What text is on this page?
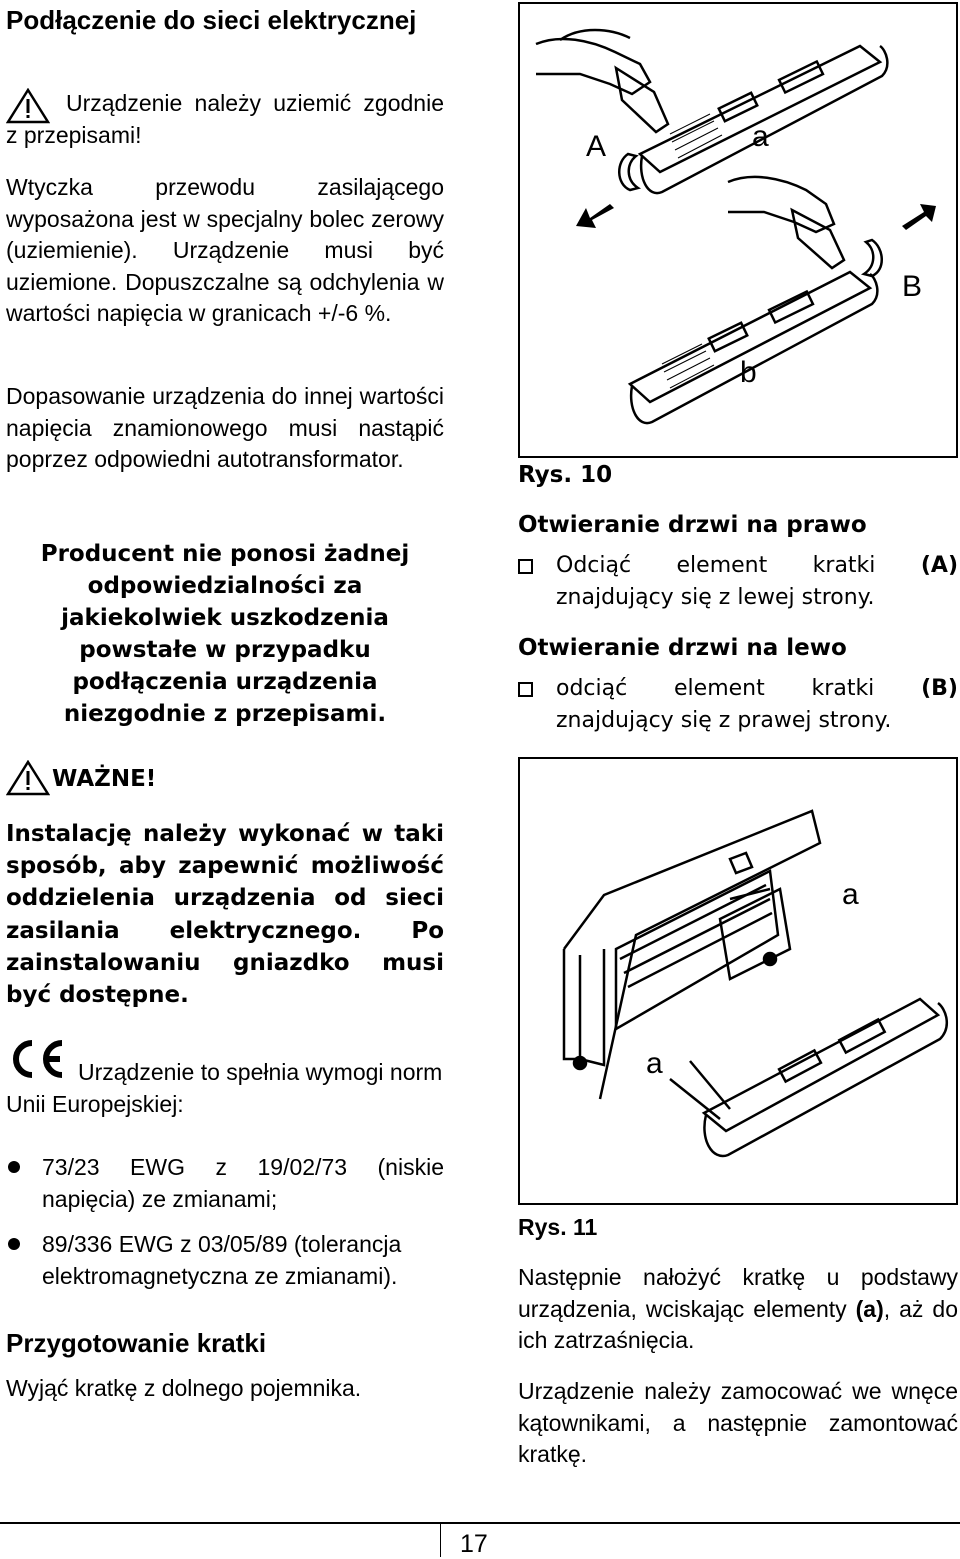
Podłączenie do sieci elektrycznej

Urządzenie należy uziemić zgodnie z przepisami!

Wtyczka przewodu zasilającego wyposażona jest w specjalny bolec zerowy (uziemienie). Urządzenie musi być uziemione. Dopuszczalne są odchylenia w wartości napięcia w granicach +/-6 %.

Dopasowanie urządzenia do innej wartości napięcia znamionowego musi nastąpić poprzez odpowiedni autotransformator.

Producent nie ponosi żadnej odpowiedzialności za jakiekolwiek uszkodzenia powstałe w przypadku podłączenia urządzenia niezgodnie z przepisami.

WAŻNE!

Instalację należy wykonać w taki sposób, aby zapewnić możliwość oddzielenia urządzenia od sieci zasilania elektrycznego. Po zainstalowaniu gniazdko musi być dostępne.

Urządzenie to spełnia wymogi norm Unii Europejskiej:

73/23 EWG z 19/02/73 (niskie napięcia) ze zmianami;

89/336 EWG z 03/05/89 (tolerancja elektromagnetyczna ze zmianami).

Przygotowanie kratki

Wyjąć kratkę z dolnego pojemnika.

A	a
B
b
a
a

Rys. 10

Otwieranie drzwi na prawo

Odciąć element kratki (A) znajdujący się z lewej strony.

Otwieranie drzwi na lewo

odciąć element kratki (B) znajdujący się z prawej strony.

Rys. 11

Następnie nałożyć kratkę u podstawy urządzenia, wciskając elementy (a), aż do ich zatrzaśnięcia.

Urządzenie należy zamocować we wnęce kątownikami, a następnie zamontować kratkę.

17
